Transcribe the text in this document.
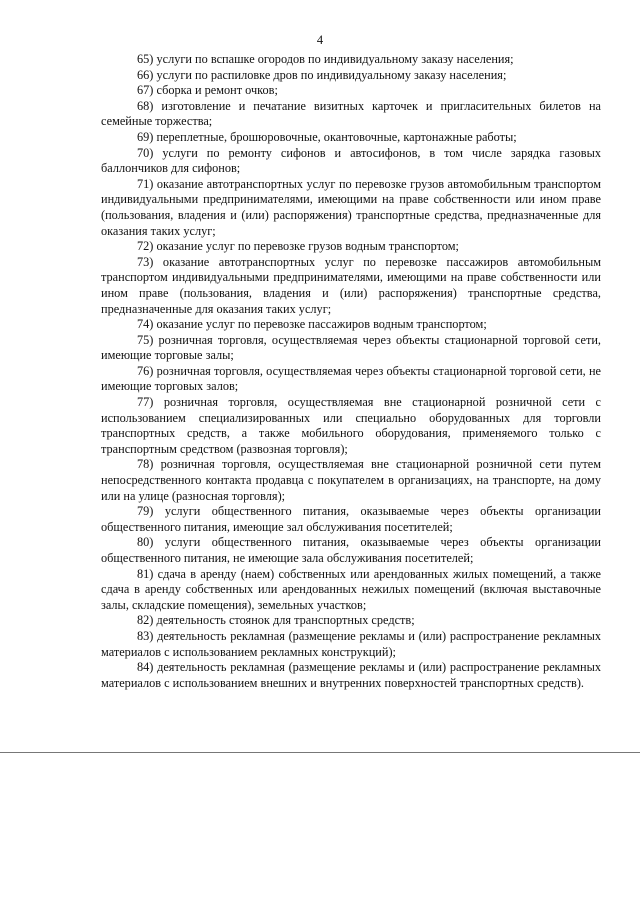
4

65) услуги по вспашке огородов по индивидуальному заказу населения;

66) услуги по распиловке дров по индивидуальному заказу населения;

67) сборка и ремонт очков;

68) изготовление и печатание визитных карточек и пригласительных билетов на семейные торжества;

69) переплетные, брошюровочные, окантовочные, картонажные работы;

70) услуги по ремонту сифонов и автосифонов, в том числе зарядка газовых баллончиков для сифонов;

71) оказание автотранспортных услуг по перевозке грузов автомобильным транспортом индивидуальными предпринимателями, имеющими на праве собственности или ином праве (пользования, владения и (или) распоряжения) транспортные средства, предназначенные для оказания таких услуг;

72) оказание услуг по перевозке грузов водным транспортом;

73) оказание автотранспортных услуг по перевозке пассажиров автомобильным транспортом индивидуальными предпринимателями, имеющими на праве собственности или ином праве (пользования, владения и (или) распоряжения) транспортные средства, предназначенные для оказания таких услуг;

74) оказание услуг по перевозке пассажиров водным транспортом;

75) розничная торговля, осуществляемая через объекты стационарной торговой сети, имеющие торговые залы;

76) розничная торговля, осуществляемая через объекты стационарной торговой сети, не имеющие торговых залов;

77) розничная торговля, осуществляемая вне стационарной розничной сети с использованием специализированных или специально оборудованных для торговли транспортных средств, а также мобильного оборудования, применяемого только с транспортным средством (развозная торговля);

78) розничная торговля, осуществляемая вне стационарной розничной сети путем непосредственного контакта продавца с покупателем в организациях, на транспорте, на дому или на улице (разносная торговля);

79) услуги общественного питания, оказываемые через объекты организации общественного питания, имеющие зал обслуживания посетителей;

80) услуги общественного питания, оказываемые через объекты организации общественного питания, не имеющие зала обслуживания посетителей;

81) сдача в аренду (наем) собственных или арендованных жилых помещений, а также сдача в аренду собственных или арендованных нежилых помещений (включая выставочные залы, складские помещения), земельных участков;

82) деятельность стоянок для транспортных средств;

83) деятельность рекламная (размещение рекламы и (или) распространение рекламных материалов с использованием рекламных конструкций);

84) деятельность рекламная (размещение рекламы и (или) распространение рекламных материалов с использованием внешних и внутренних поверхностей транспортных средств).
